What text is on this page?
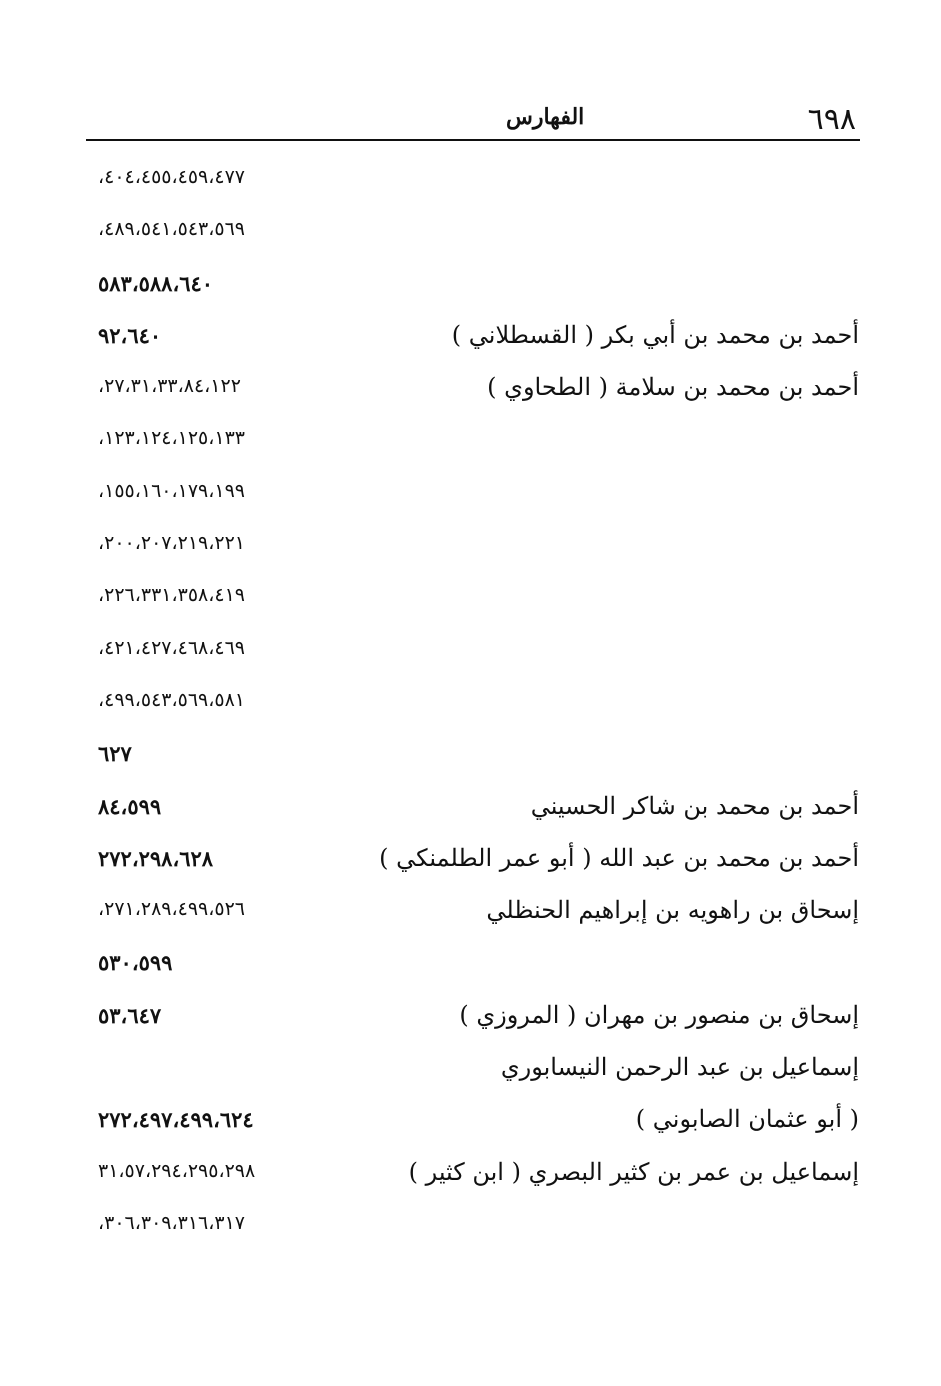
٦٩٨
الفهارس
٤٠٤،٤٥٥،٤٥٩،٤٧٧،
٤٨٩،٥٤١،٥٤٣،٥٦٩،
٥٨٣،٥٨٨،٦٤٠
أحمد بن محمد بن أبي بكر ( القسطلاني )
٩٢،٦٤٠
أحمد بن محمد بن سلامة ( الطحاوي )
٢٧،٣١،٣٣،٨٤،١٢٢،
١٢٣،١٢٤،١٢٥،١٣٣،
١٥٥،١٦٠،١٧٩،١٩٩،
٢٠٠،٢٠٧،٢١٩،٢٢١،
٢٢٦،٣٣١،٣٥٨،٤١٩،
٤٢١،٤٢٧،٤٦٨،٤٦٩،
٤٩٩،٥٤٣،٥٦٩،٥٨١،
٦٢٧
أحمد بن محمد بن شاكر الحسيني
٨٤،٥٩٩
أحمد بن محمد بن عبد الله ( أبو عمر الطلمنكي )
٢٧٢،٢٩٨،٦٢٨
إسحاق بن راهويه بن إبراهيم الحنظلي
٢٧١،٢٨٩،٤٩٩،٥٢٦،
٥٣٠،٥٩٩
إسحاق بن منصور بن مهران ( المروزي )
٥٣،٦٤٧
إسماعيل بن عبد الرحمن النيسابوري
( أبو عثمان الصابوني )
٢٧٢،٤٩٧،٤٩٩،٦٢٤
إسماعيل بن عمر بن كثير البصري ( ابن كثير )
٣١،٥٧،٢٩٤،٢٩٥،٢٩٨
٣٠٦،٣٠٩،٣١٦،٣١٧،
